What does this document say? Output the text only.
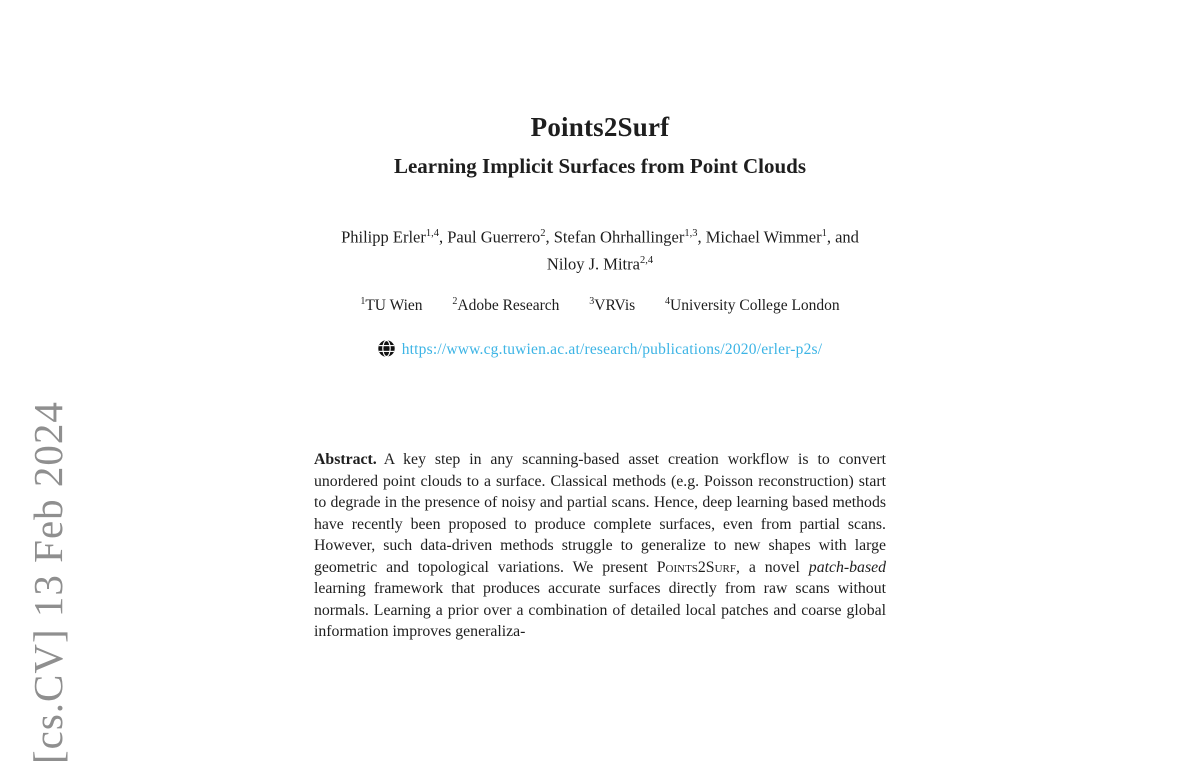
[cs.CV] 13 Feb 2024
Points2Surf
Learning Implicit Surfaces from Point Clouds
Philipp Erler$^{1,4}$, Paul Guerrero$^2$, Stefan Ohrhallinger$^{1,3}$, Michael Wimmer$^1$, and
Niloy J. Mitra$^{2,4}$
$^1$TU Wien	$^2$Adobe Research	$^3$VRVis	$^4$University College London
https://www.cg.tuwien.ac.at/research/publications/2020/erler-p2s/
Abstract. A key step in any scanning-based asset creation workflow is to convert unordered point clouds to a surface. Classical methods (e.g. Poisson reconstruction) start to degrade in the presence of noisy and partial scans. Hence, deep learning based methods have recently been proposed to produce complete surfaces, even from partial scans. However, such data-driven methods struggle to generalize to new shapes with large geometric and topological variations. We present Points2Surf, a novel patch-based learning framework that produces accurate surfaces directly from raw scans without normals. Learning a prior over a combination of detailed local patches and coarse global information improves generaliza-
